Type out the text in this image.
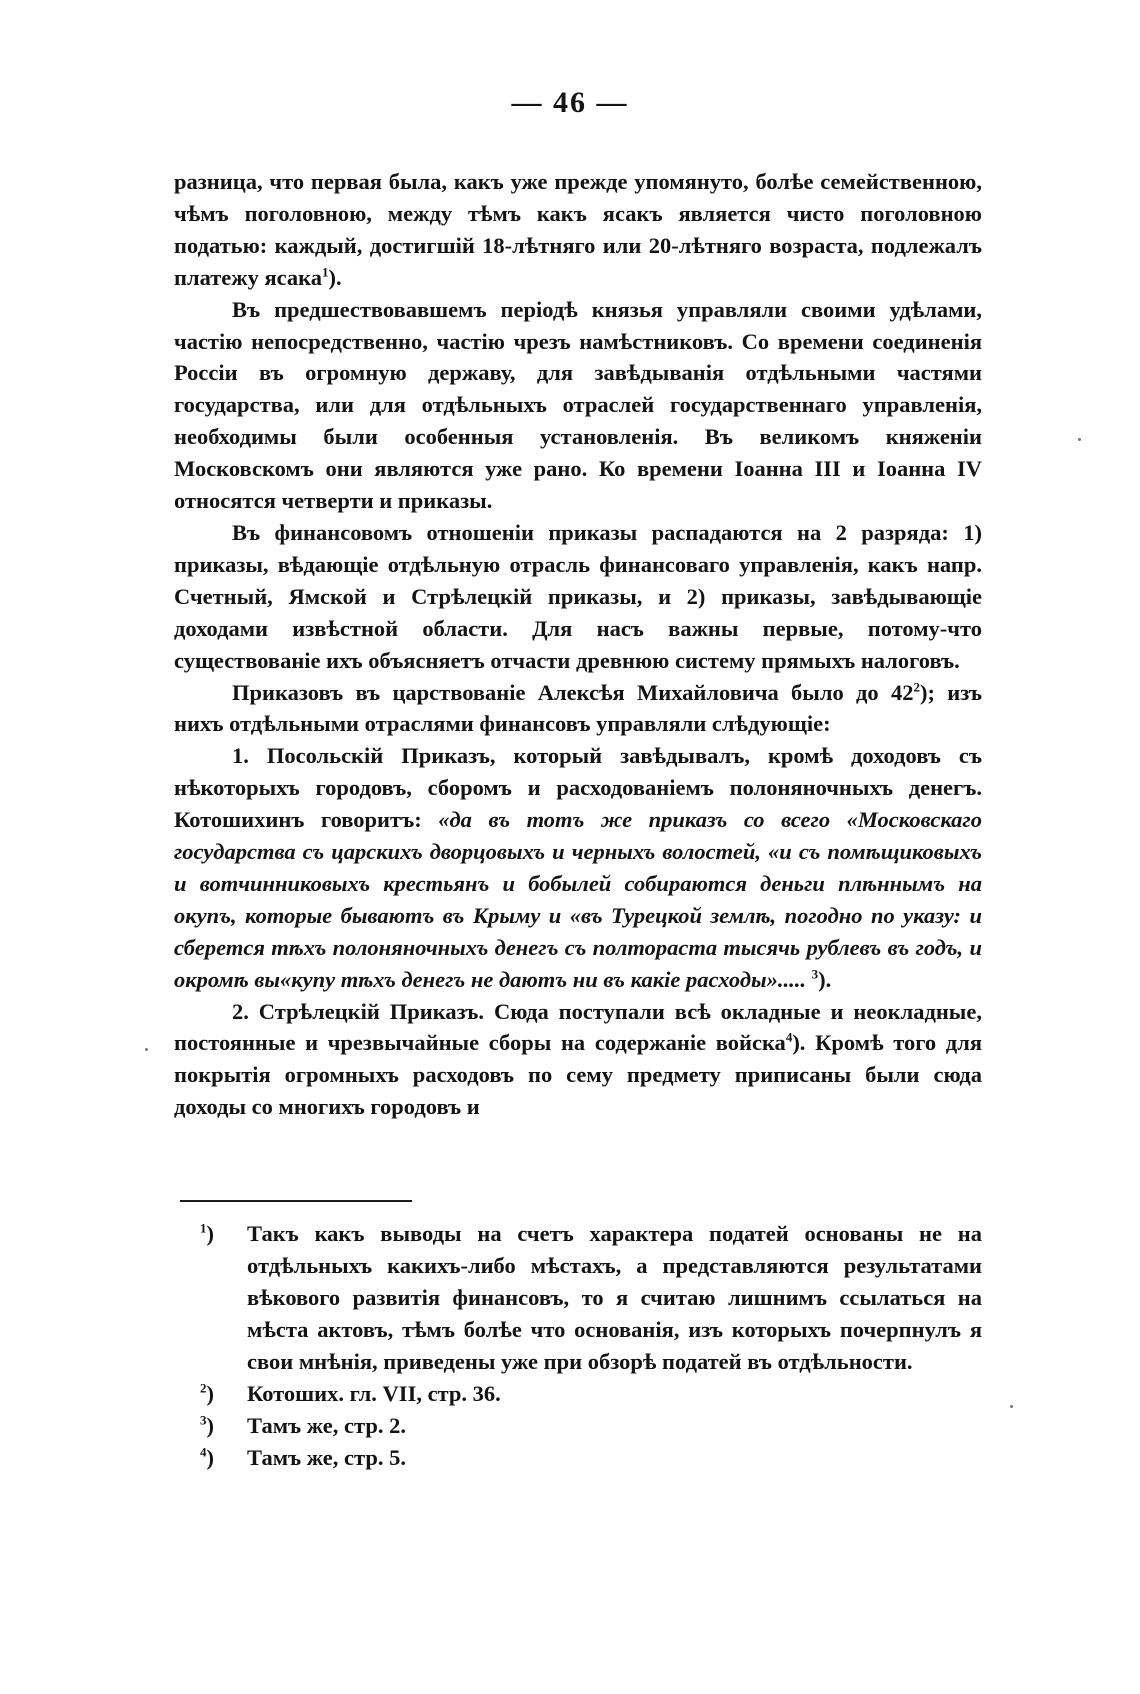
— 46 —

разница, что первая была, какъ уже прежде упомянуто, болѣе семейственною, чѣмъ поголовною, между тѣмъ какъ ясакъ является чисто поголовною податью: каждый, достигшій 18-лѣтняго или 20-лѣтняго возраста, подлежалъ платежу ясака$^1$).

Въ предшествовавшемъ періодѣ князья управляли своими удѣлами, частію непосредственно, частію чрезъ намѣстниковъ. Со времени соединенія Россіи въ огромную державу, для завѣдыванія отдѣльными частями государства, или для отдѣльныхъ отраслей государственнаго управленія, необходимы были особенныя установленія. Въ великомъ княженіи Московскомъ они являются уже рано. Ко времени Іоанна III и Іоанна IV относятся четверти и приказы.

Въ финансовомъ отношеніи приказы распадаются на 2 разряда: 1) приказы, вѣдающіе отдѣльную отрасль финансоваго управленія, какъ напр. Счетный, Ямской и Стрѣлецкій приказы, и 2) приказы, завѣдывающіе доходами извѣстной области. Для насъ важны первые, потому-что существованіе ихъ объясняетъ отчасти древнюю систему прямыхъ налоговъ.

Приказовъ въ царствованіе Алексѣя Михайловича было до $42^2$); изъ нихъ отдѣльными отраслями финансовъ управляли слѣдующіе:

1. Посольскій Приказъ, который завѣдывалъ, кромѣ доходовъ съ нѣкоторыхъ городовъ, сборомъ и расходованіемъ полоняночныхъ денегъ. Котошихинъ говоритъ: «да въ тотъ же приказъ со всего «Московскаго государства съ царскихъ дворцовыхъ и черныхъ волостей, «и съ помѣщиковыхъ и вотчинниковыхъ крестьянъ и бобылей собираются деньги плѣннымъ на окупъ, которые бываютъ въ Крыму и «въ Турецкой землѣ, погодно по указу: и сберется тѣхъ полоняночныхъ денегъ съ полтораста тысячь рублевъ въ годъ, и окромѣ вы«купу тѣхъ денегъ не даютъ ни въ какіе расходы»..... $^3$).

2. Стрѣлецкій Приказъ. Сюда поступали всѣ окладные и неокладные, постоянные и чрезвычайные сборы на содержаніе войска$^4$). Кромѣ того для покрытія огромныхъ расходовъ по сему предмету приписаны были сюда доходы со многихъ городовъ и

$^1$) Такъ какъ выводы на счетъ характера податей основаны не на отдѣльныхъ какихъ-либо мѣстахъ, а представляются результатами вѣкового развитія финансовъ, то я считаю лишнимъ ссылаться на мѣста актовъ, тѣмъ болѣе что основанія, изъ которыхъ почерпнулъ я свои мнѣнія, приведены уже при обзорѣ податей въ отдѣльности.
$^2$) Котоших. гл. VII, стр. 36.
$^3$) Тамъ же, стр. 2.
$^4$) Тамъ же, стр. 5.
